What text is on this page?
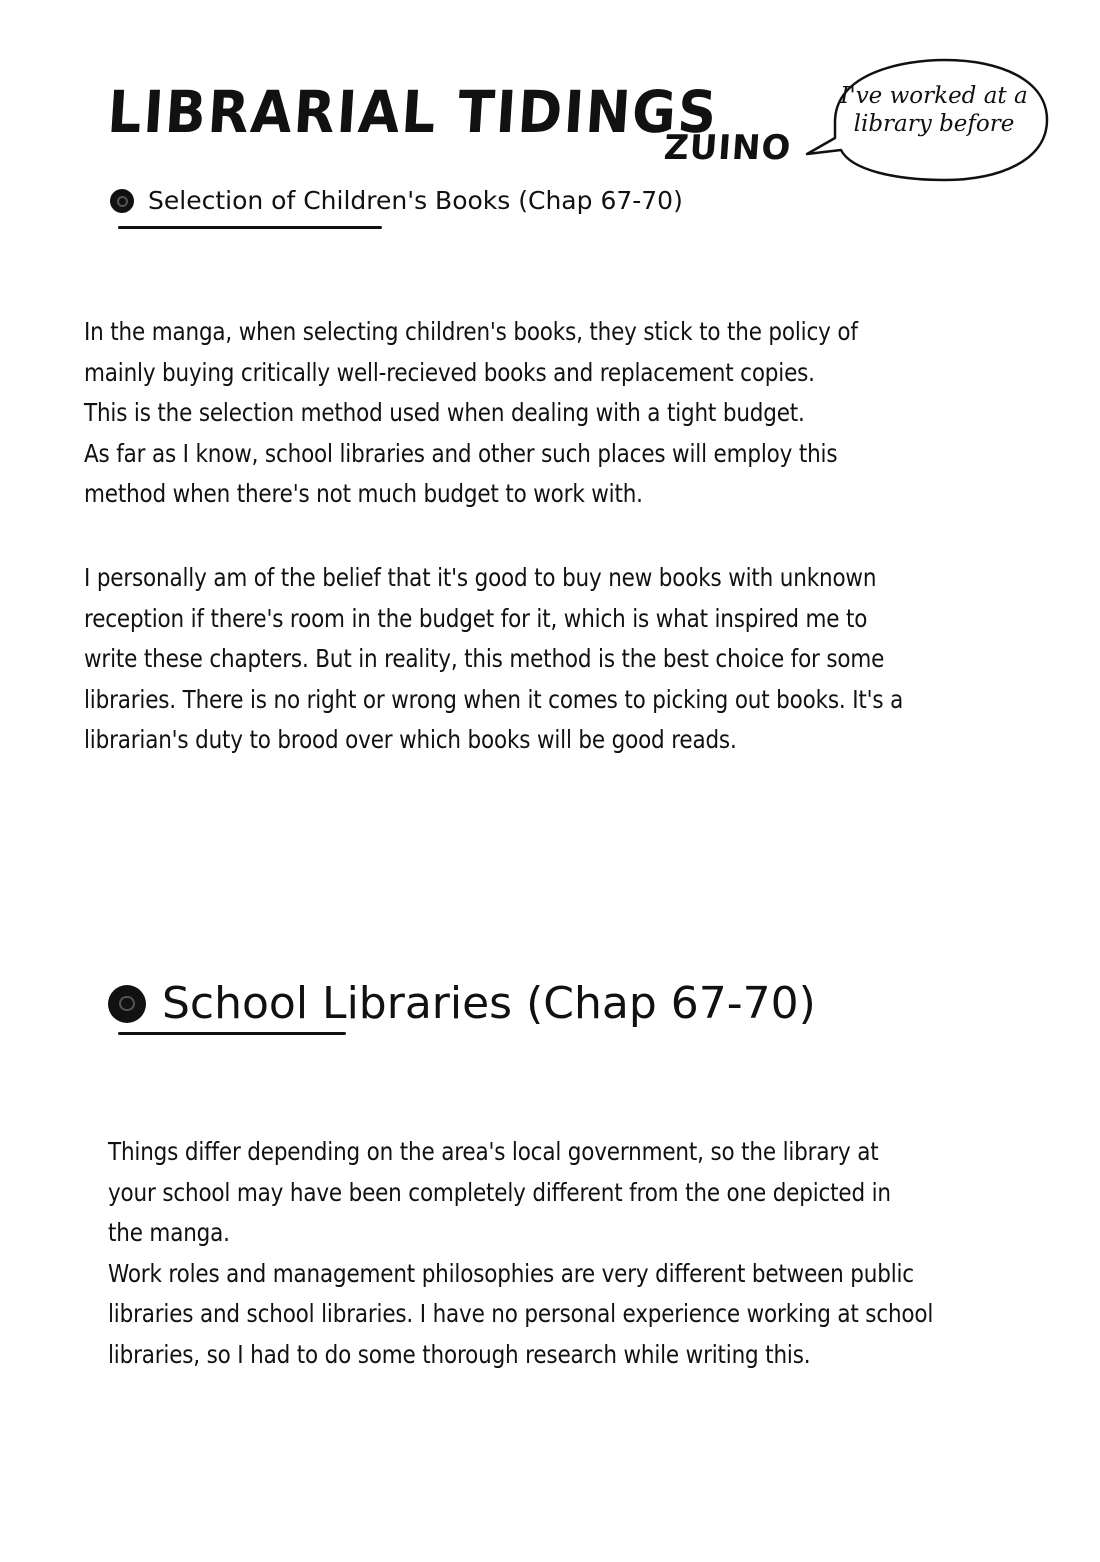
LIBRARIAL TIDINGS
ZUINO
I've worked at a
library before
Selection of Children's Books (Chap 67-70)
In the manga, when selecting children's books, they stick to the policy of
mainly buying critically well-recieved books and replacement copies.
This is the selection method used when dealing with a tight budget.
As far as I know, school libraries and other such places will employ this
method when there's not much budget to work with.
I personally am of the belief that it's good to buy new books with unknown
reception if there's room in the budget for it, which is what inspired me to
write these chapters. But in reality, this method is the best choice for some
libraries. There is no right or wrong when it comes to picking out books. It's a
librarian's duty to brood over which books will be good reads.
School Libraries (Chap 67-70)
Things differ depending on the area's local government, so the library at
your school may have been completely different from the one depicted in
the manga.
Work roles and management philosophies are very different between public
libraries and school libraries. I have no personal experience working at school
libraries, so I had to do some thorough research while writing this.
